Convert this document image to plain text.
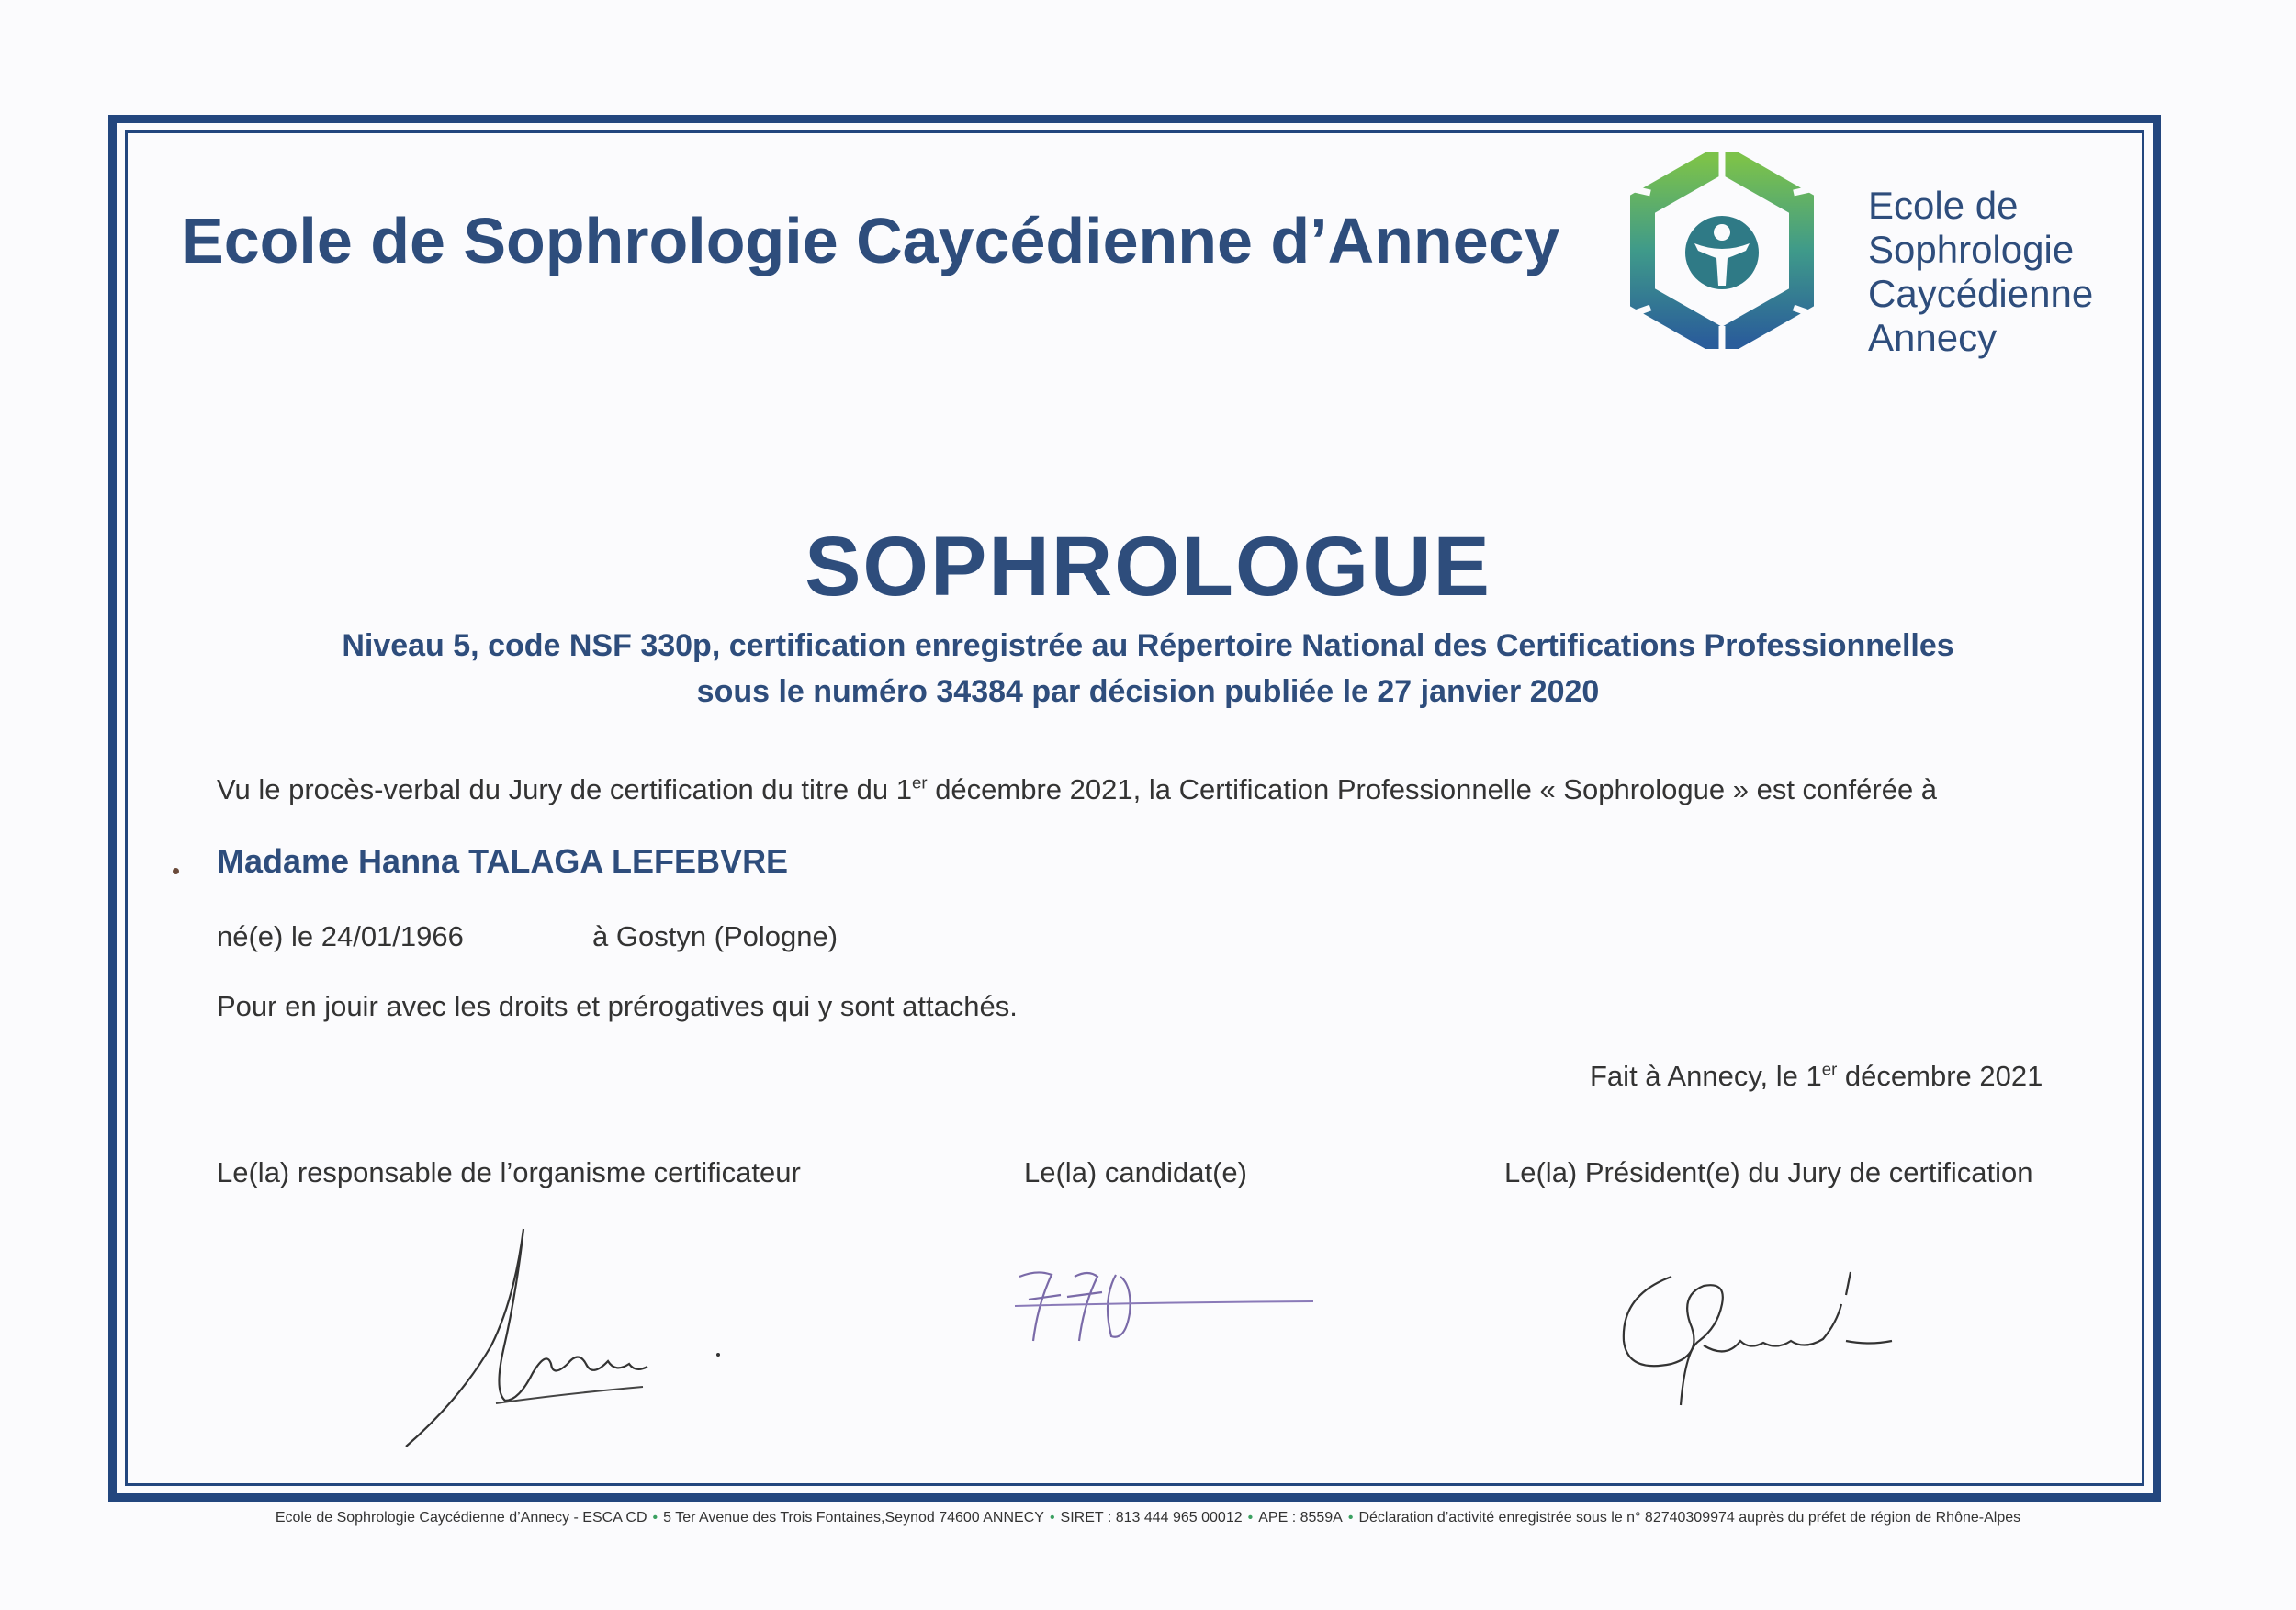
Ecole de Sophrologie Caycédienne d’Annecy	Ecole de
Sophrologie
Caycédienne
Annecy
SOPHROLOGUE
Niveau 5, code NSF 330p, certification enregistrée au Répertoire National des Certifications Professionnelles
sous le numéro 34384 par décision publiée le 27 janvier 2020
Vu le procès-verbal du Jury de certification du titre du 1er décembre 2021, la Certification Professionnelle « Sophrologue » est conférée à
Madame Hanna TALAGA LEFEBVRE
né(e) le 24/01/1966	à Gostyn (Pologne)
Pour en jouir avec les droits et prérogatives qui y sont attachés.
Fait à Annecy, le 1er décembre 2021
Le(la) responsable de l’organisme certificateur	Le(la) candidat(e)	Le(la) Président(e) du Jury de certification
Ecole de Sophrologie Caycédienne d’Annecy - ESCA CD • 5 Ter Avenue des Trois Fontaines,Seynod 74600 ANNECY • SIRET : 813 444 965 00012 • APE : 8559A • Déclaration d’activité enregistrée sous le n° 82740309974 auprès du préfet de région de Rhône-Alpes
